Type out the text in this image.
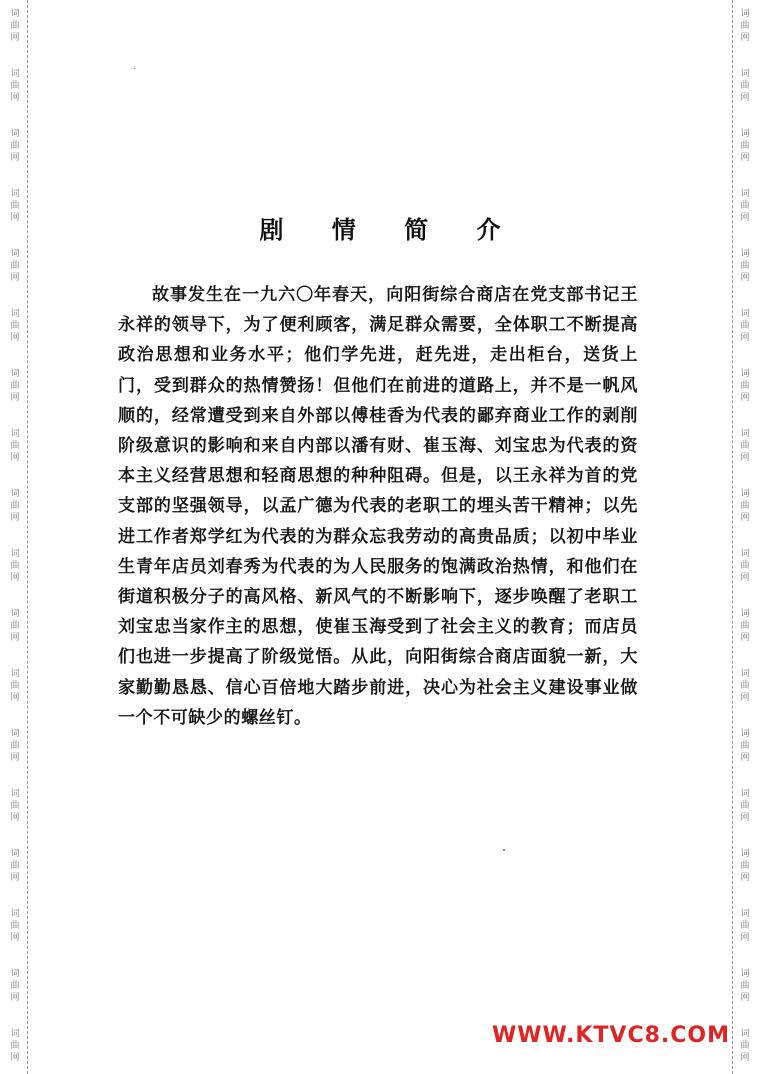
词
曲
网
词
曲
网
词
曲
网
词
曲
网
词
曲
网
词
曲
网
词
曲
网
词
曲
网
词
曲
网
词
曲
网
词
曲
网
词
曲
网
词
曲
网
词
曲
网
词
曲
网
词
曲
网
词
曲
网
词
曲
网
词
曲
网
词
曲
网
词
曲
网
词
曲
网
词
曲
网
词
曲
网
词
曲
网
词
曲
网
词
曲
网
词
曲
网
词
曲
网
词
曲
网
词
曲
网
词
曲
网
词
曲
网
词
曲
网
词
曲
网
词
曲
网
剧 情 简 介
故事发生在一九六〇年春天，向阳街综合商店在党支部书记王永祥的领导下，为了便利顾客，满足群众需要，全体职工不断提高政治思想和业务水平；他们学先进，赶先进，走出柜台，送货上门，受到群众的热情赞扬！但他们在前进的道路上，并不是一帆风顺的，经常遭受到来自外部以傅桂香为代表的鄙弃商业工作的剥削阶级意识的影响和来自内部以潘有财、崔玉海、刘宝忠为代表的资本主义经营思想和轻商思想的种种阻碍。但是，以王永祥为首的党支部的坚强领导，以孟广德为代表的老职工的埋头苦干精神；以先进工作者郑学红为代表的为群众忘我劳动的高贵品质；以初中毕业生青年店员刘春秀为代表的为人民服务的饱满政治热情，和他们在街道积极分子的高风格、新风气的不断影响下，逐步唤醒了老职工刘宝忠当家作主的思想，使崔玉海受到了社会主义的教育；而店员们也进一步提高了阶级觉悟。从此，向阳街综合商店面貌一新，大家勤勤恳恳、信心百倍地大踏步前进，决心为社会主义建设事业做一个不可缺少的螺丝钉。
WWW.KTVC8.COM
